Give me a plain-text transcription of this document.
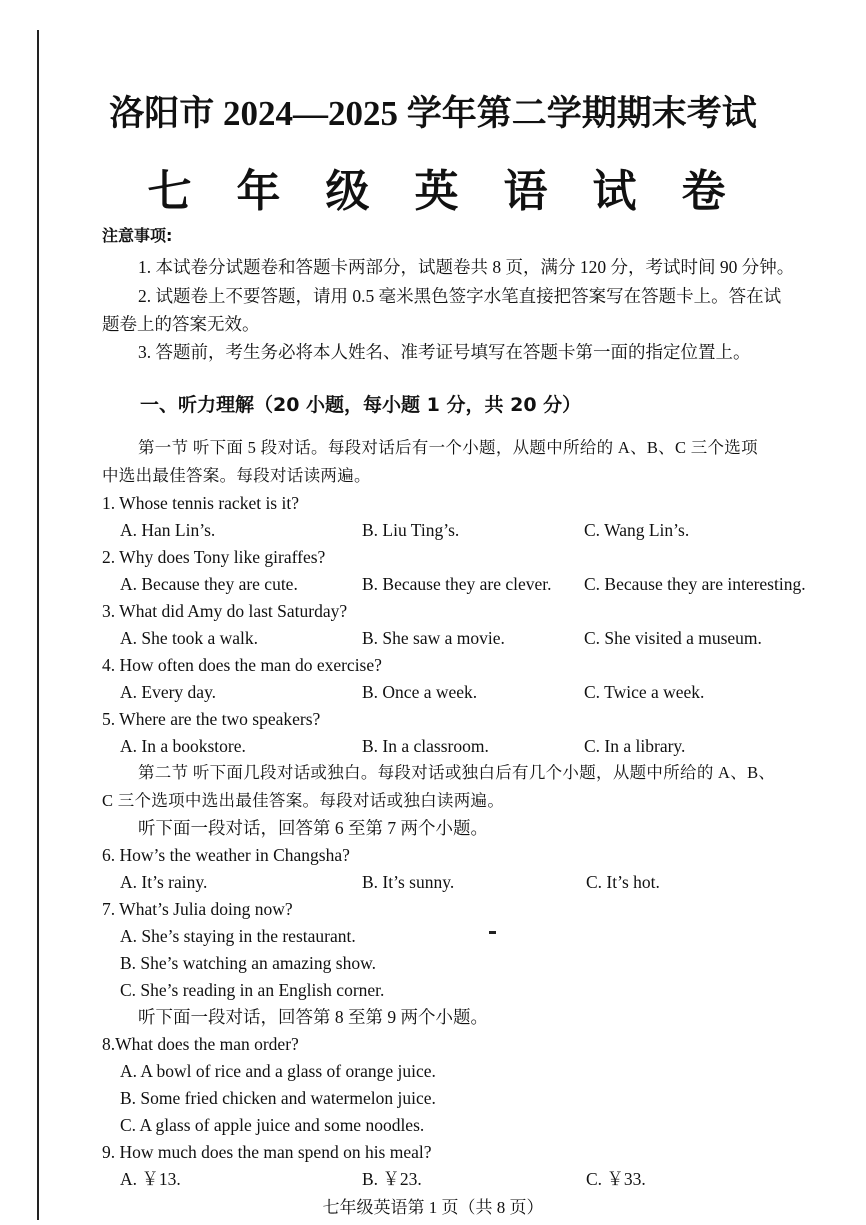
洛阳市 2024—2025 学年第二学期期末考试
七 年 级 英 语 试 卷
注意事项:
1. 本试卷分试题卷和答题卡两部分，试题卷共 8 页，满分 120 分，考试时间 90 分钟。
2. 试题卷上不要答题，请用 0.5 毫米黑色签字水笔直接把答案写在答题卡上。答在试
题卷上的答案无效。
3. 答题前，考生务必将本人姓名、准考证号填写在答题卡第一面的指定位置上。
一、听力理解（20 小题，每小题 1 分，共 20 分）
第一节 听下面 5 段对话。每段对话后有一个小题，从题中所给的 A、B、C 三个选项
中选出最佳答案。每段对话读两遍。
1. Whose tennis racket is it?
A. Han Lin’s.	B. Liu Ting’s.	C. Wang Lin’s.
2. Why does Tony like giraffes?
A. Because they are cute.	B. Because they are clever. C. Because they are interesting.
3. What did Amy do last Saturday?
A. She took a walk.	B. She saw a movie.	C. She visited a museum.
4. How often does the man do exercise?
A. Every day.	B. Once a week.	C. Twice a week.
5. Where are the two speakers?
A. In a bookstore.	B. In a classroom.	C. In a library.
第二节 听下面几段对话或独白。每段对话或独白后有几个小题，从题中所给的 A、B、
C 三个选项中选出最佳答案。每段对话或独白读两遍。
听下面一段对话，回答第 6 至第 7 两个小题。
6. How’s the weather in Changsha?
A. It’s rainy.	B. It’s sunny.	C. It’s hot.
7. What’s Julia doing now?
A. She’s staying in the restaurant.
B. She’s watching an amazing show.
C. She’s reading in an English corner.
听下面一段对话，回答第 8 至第 9 两个小题。
8.What does the man order?
A. A bowl of rice and a glass of orange juice.
B. Some fried chicken and watermelon juice.
C. A glass of apple juice and some noodles.
9. How much does the man spend on his meal?
A. ￥13.	B. ￥23.	C. ￥33.
七年级英语第 1 页（共 8 页）
